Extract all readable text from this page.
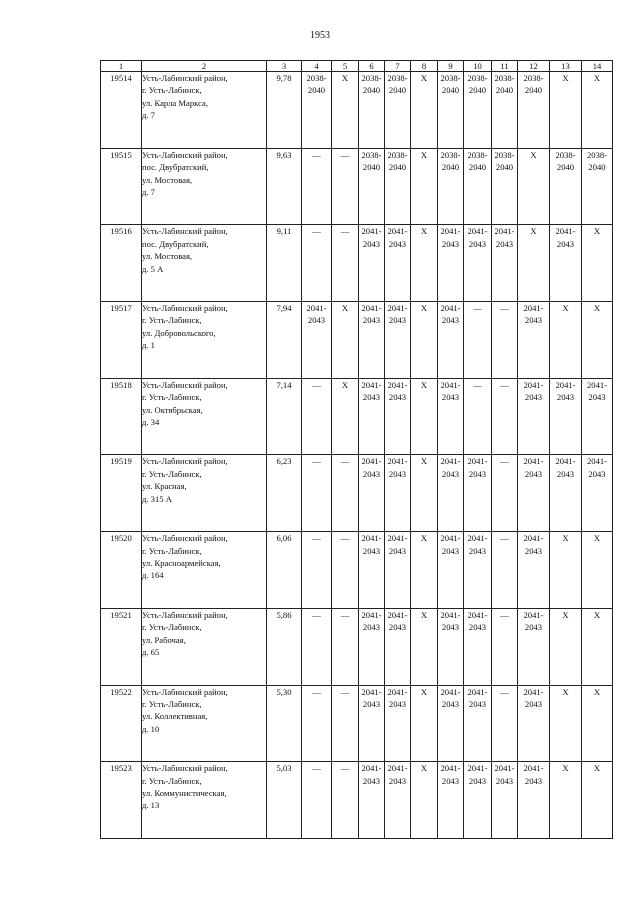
1953
1	2	3	4	5	6	7	8	9	10	11	12	13	14
19514	Усть-Лабинский район,
г. Усть-Лабинск,
ул. Карла Маркса,
д. 7	9,78	2038-
2040	X	2038-
2040	2038-
2040	X	2038-
2040	2038-
2040	2038-
2040	2038-
2040	X	X
19515	Усть-Лабинский район,
пос. Двубратский,
ул. Мостовая,
д. 7	9,63	—	—	2038-
2040	2038-
2040	X	2038-
2040	2038-
2040	2038-
2040	X	2038-
2040	2038-
2040

19516	Усть-Лабинский район,
пос. Двубратский,
ул. Мостовая,
д. 5 А	9,11	—	—	2041-
2043	2041-
2043	X	2041-
2043	2041-
2043	2041-
2043	X	2041-
2043	X
19517	Усть-Лабинский район,
г. Усть-Лабинск,
ул. Добровольского,
д. 1	7,94	2041-
2043	X	2041-
2043	2041-
2043	X	2041-
2043	—	—	2041-
2043	X	X
19518	Усть-Лабинский район,
г. Усть-Лабинск,
ул. Октябрьская,
д. 34	7,14	—	X	2041-
2043	2041-
2043	X	2041-
2043	—	—	2041-
2043	2041-
2043	2041-
2043

19519	Усть-Лабинский район,
г. Усть-Лабинск,
ул. Красная,
д. 315 А	6,23	—	—	2041-
2043	2041-
2043	X	2041-
2043	2041-
2043	—	2041-
2043	2041-
2043	2041-
2043

19520	Усть-Лабинский район,
г. Усть-Лабинск,
ул. Красноармейская,
д. 164	6,06	—	—	2041-
2043	2041-
2043	X	2041-
2043	2041-
2043	—	2041-
2043	X	X
19521	Усть-Лабинский район,
г. Усть-Лабинск,
ул. Рабочая,
д. 65	5,86	—	—	2041-
2043	2041-
2043	X	2041-
2043	2041-
2043	—	2041-
2043	X	X
19522	Усть-Лабинский район,
г. Усть-Лабинск,
ул. Коллективная,
д. 10	5,30	—	—	2041-
2043	2041-
2043	X	2041-
2043	2041-
2043	—	2041-
2043	X	X
19523	Усть-Лабинский район,
г. Усть-Лабинск,
ул. Коммунистическая,
д. 13	5,03	—	—	2041-
2043	2041-
2043	X	2041-
2043	2041-
2043	2041-
2043	2041-
2043	X	X
